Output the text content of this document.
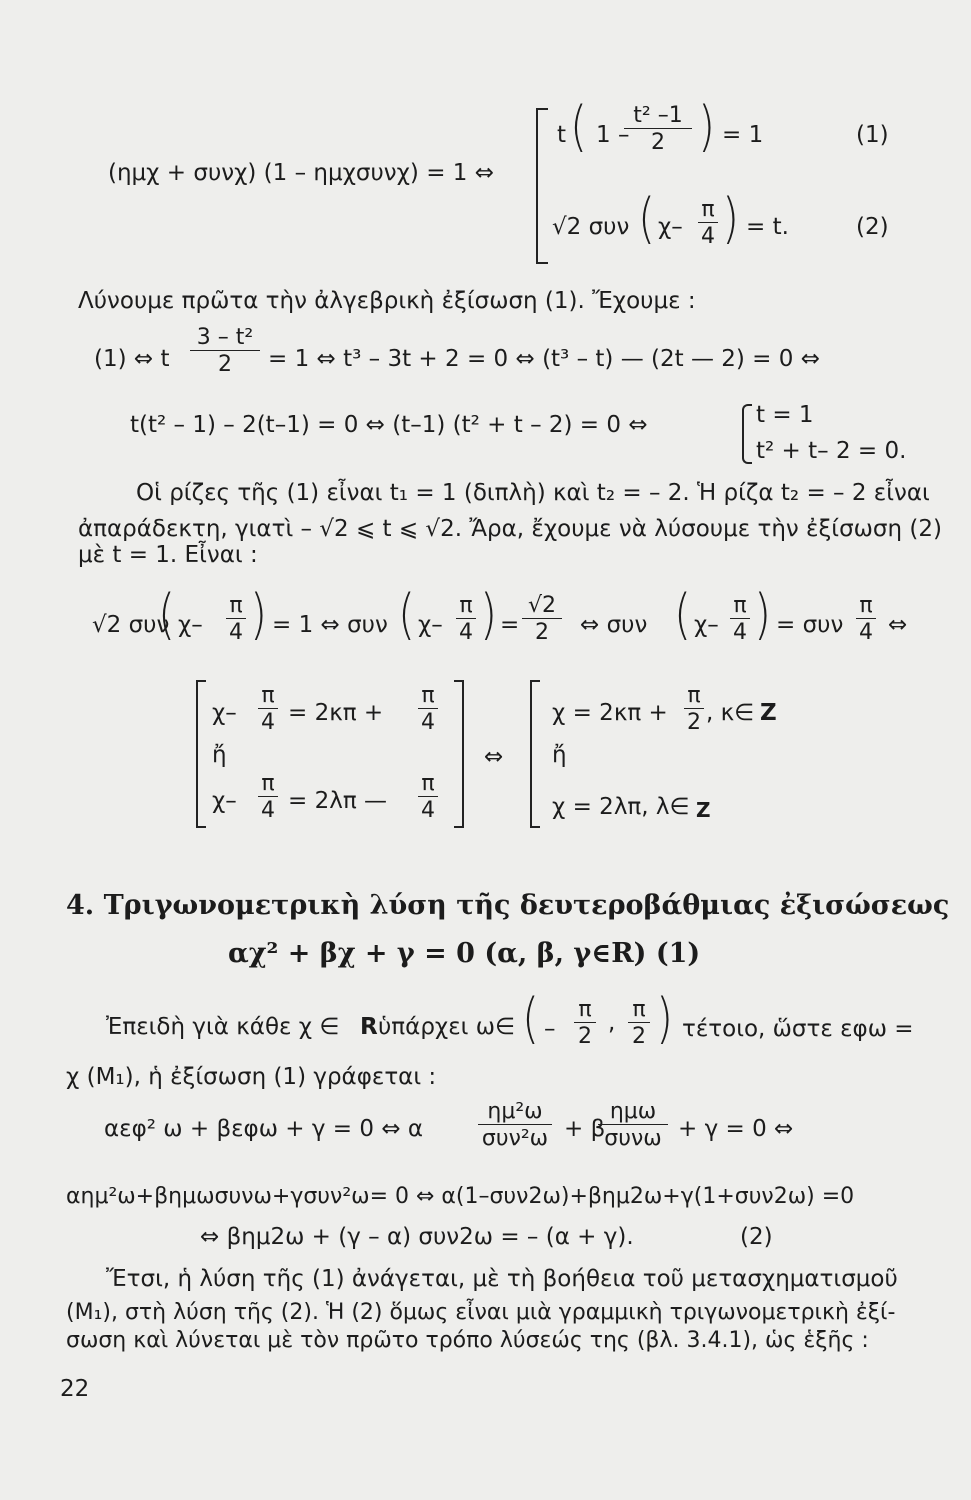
(ημχ + συνχ) (1 – ημχσυνχ) = 1 ⇔
t ( 1 –
t² –1
2 ) = 1	(1)
√2 συν ( χ–
π
4 ) = t.	(2)
Λύνουμε πρῶτα τὴν ἀλγεβρικὴ ἐξίσωση (1). Ἔχουμε :
(1) ⇔ t
3 – t²
2 = 1 ⇔ t³ – 3t + 2 = 0 ⇔ (t³ – t) — (2t — 2) = 0 ⇔
t(t² – 1) – 2(t–1) = 0 ⇔ (t–1) (t² + t – 2) = 0 ⇔	t = 1
t² + t– 2 = 0.
Οἱ ρίζες τῆς (1) εἶναι t₁ = 1 (διπλὴ) καὶ t₂ = – 2. Ἡ ρίζα t₂ = – 2 εἶναι
ἀπαράδεκτη, γιατὶ – √2 ⩽ t ⩽ √2. Ἄρα, ἔχουμε νὰ λύσουμε τὴν ἐξίσωση (2)
μὲ t = 1. Εἶναι :
√2 συν
( χ–
π
4 ) = 1 ⇔ συν ( χ–
π
4 ) =
√2
2 ⇔ συν ( χ–
π
4 ) = συν
π
4 ⇔
χ–
π
4 = 2κπ +
π
4
ἤ
χ–
π
4 = 2λπ —
π
4
⇔
χ = 2κπ +
π
2 , κ∈ Z
ἤ
χ = 2λπ, λ∈ Z
4. Τριγωνομετρικὴ λύση τῆς δευτεροβάθμιας ἐξισώσεως
αχ² + βχ + γ = 0 (α, β, γ∈R) (1)
Ἐπειδὴ γιὰ κάθε χ ∈ R ὑπάρχει ω∈ ( –
π
2
,
π
2 ) τέτοιο, ὥστε εφω =
χ (M₁), ἡ ἐξίσωση (1) γράφεται :
αεφ² ω + βεφω + γ = 0 ⇔ α
ημ²ω
συν²ω + β
ημω
συνω + γ = 0 ⇔
αημ²ω+βημωσυνω+γσυν²ω= 0 ⇔ α(1–συν2ω)+βημ2ω+γ(1+συν2ω) =0
⇔ βημ2ω + (γ – α) συν2ω = – (α + γ).	(2)
Ἔτσι, ἡ λύση τῆς (1) ἀνάγεται, μὲ τὴ βοήθεια τοῦ μετασχηματισμοῦ
(M₁), στὴ λύση τῆς (2). Ἡ (2) ὅμως εἶναι μιὰ γραμμικὴ τριγωνομετρικὴ ἐξί-
σωση καὶ λύνεται μὲ τὸν πρῶτο τρόπο λύσεώς της (βλ. 3.4.1), ὡς ἑξῆς :
22
